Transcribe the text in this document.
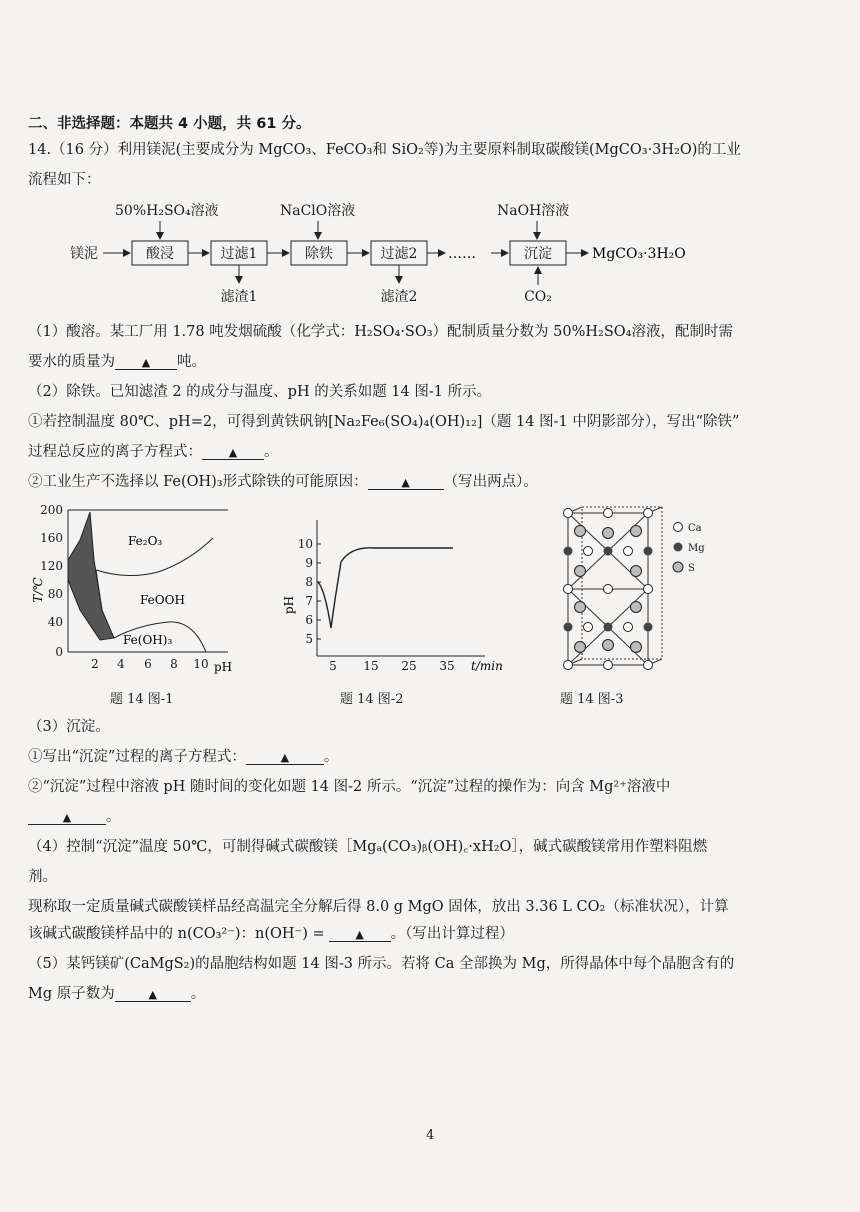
二、非选择题：本题共 4 小题，共 61 分。
14.（16 分）利用镁泥(主要成分为 MgCO₃、FeCO₃和 SiO₂等)为主要原料制取碳酸镁(MgCO₃·3H₂O)的工业
流程如下：
50%H₂SO₄溶液	NaClO溶液	NaOH溶液
镁泥	酸浸	过滤1	除铁	过滤2	沉淀
……	MgCO₃·3H₂O
滤渣1	滤渣2	CO₂
（1）酸溶。某工厂用 1.78 吨发烟硫酸（化学式：H₂SO₄·SO₃）配制质量分数为 50%H₂SO₄溶液，配制时需
要水的质量为 ▲ 吨。
（2）除铁。已知滤渣 2 的成分与温度、pH 的关系如题 14 图-1 所示。
①若控制温度 80℃、pH=2，可得到黄铁矾钠[Na₂Fe₆(SO₄)₄(OH)₁₂]（题 14 图-1 中阴影部分），写出“除铁”
过程总反应的离子方程式： ▲ 。
②工业生产不选择以 Fe(OH)₃形式除铁的可能原因：	▲ （写出两点）。
200
160
120
80
40
0
2 4 6 8 10 pH
T/℃
Fe₂O₃
FeOOH
Fe(OH)₃
题 14 图-1
10
9
8
7
6
5
5 15 25 35 t/min
pH
题 14 图-2
Ca
Mg
S
题 14 图-3
（3）沉淀。
①写出“沉淀”过程的离子方程式：	▲ 。
②“沉淀”过程中溶液 pH 随时间的变化如题 14 图-2 所示。“沉淀”过程的操作为：向含 Mg²⁺溶液中
▲ 。
（4）控制“沉淀”温度 50℃，可制得碱式碳酸镁［Mgₐ(CO₃)ᵦ(OH)꜀·xH₂O］，碱式碳酸镁常用作塑料阻燃
剂。
现称取一定质量碱式碳酸镁样品经高温完全分解后得 8.0 g MgO 固体，放出 3.36 L CO₂（标准状况），计算
该碱式碳酸镁样品中的 n(CO₃²⁻)：n(OH⁻) =	▲ 。（写出计算过程）
（5）某钙镁矿(CaMgS₂)的晶胞结构如题 14 图-3 所示。若将 Ca 全部换为 Mg，所得晶体中每个晶胞含有的
Mg 原子数为	▲ 。
4
